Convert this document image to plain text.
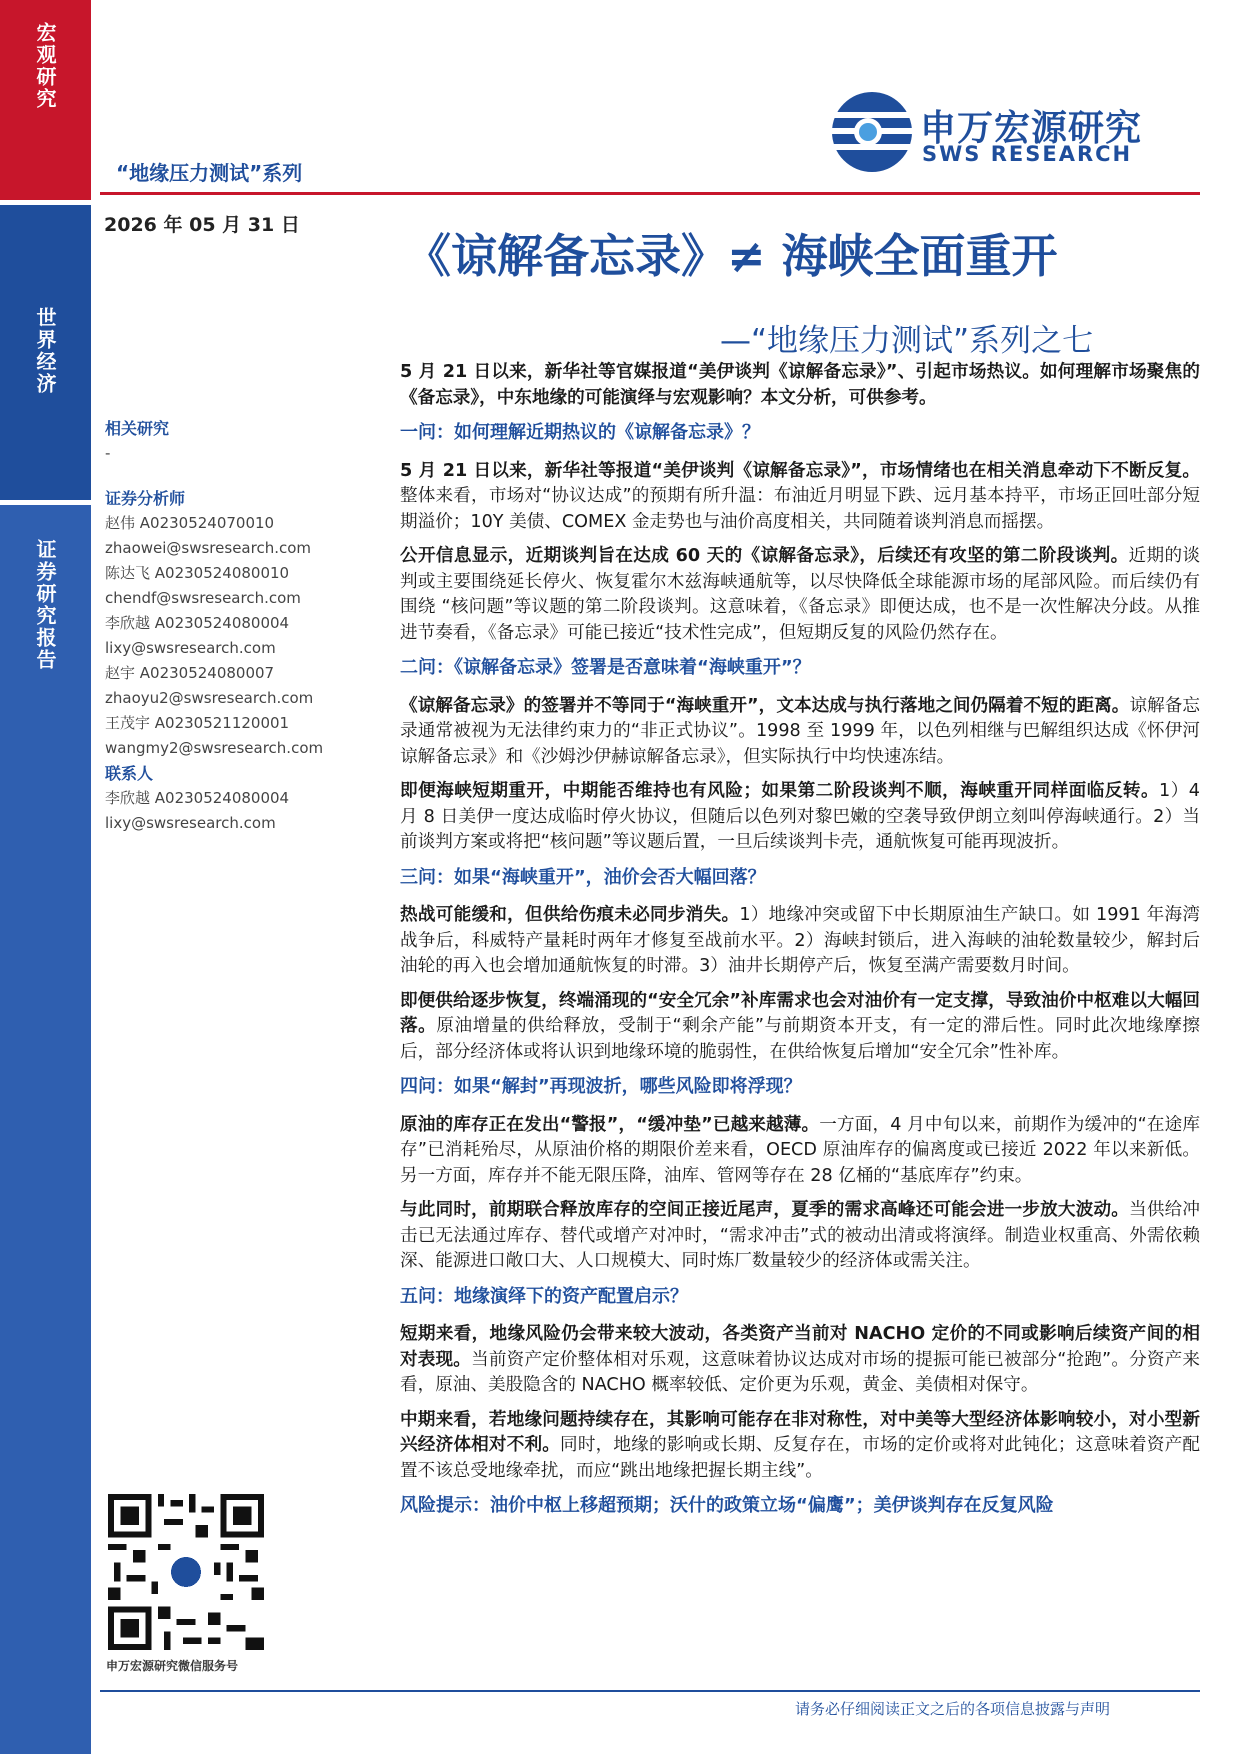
宏观研究
世界经济
证券研究报告
“地缘压力测试”系列
2026 年 05 月 31 日
申万宏源研究
SWS RESEARCH
《谅解备忘录》≠ 海峡全面重开
—“地缘压力测试”系列之七
相关研究
-
证券分析师
赵伟 A0230524070010
zhaowei@swsresearch.com
陈达飞 A0230524080010
chendf@swsresearch.com
李欣越 A0230524080004
lixy@swsresearch.com
赵宇 A0230524080007
zhaoyu2@swsresearch.com
王茂宇 A0230521120001
wangmy2@swsresearch.com
联系人
李欣越 A0230524080004
lixy@swsresearch.com
申万宏源研究微信服务号

5 月 21 日以来，新华社等官媒报道“美伊谈判《谅解备忘录》”、引起市场热议。如何理解市场聚焦的《备忘录》，中东地缘的可能演绎与宏观影响？本文分析，可供参考。

一问：如何理解近期热议的《谅解备忘录》？

5 月 21 日以来，新华社等报道“美伊谈判《谅解备忘录》”，市场情绪也在相关消息牵动下不断反复。整体来看，市场对“协议达成”的预期有所升温：布油近月明显下跌、远月基本持平，市场正回吐部分短期溢价；10Y 美债、COMEX 金走势也与油价高度相关，共同随着谈判消息而摇摆。

公开信息显示，近期谈判旨在达成 60 天的《谅解备忘录》，后续还有攻坚的第二阶段谈判。近期的谈判或主要围绕延长停火、恢复霍尔木兹海峡通航等，以尽快降低全球能源市场的尾部风险。而后续仍有围绕 “核问题”等议题的第二阶段谈判。这意味着，《备忘录》即便达成，也不是一次性解决分歧。从推进节奏看，《备忘录》可能已接近“技术性完成”，但短期反复的风险仍然存在。

二问：《谅解备忘录》签署是否意味着“海峡重开”？

《谅解备忘录》的签署并不等同于“海峡重开”，文本达成与执行落地之间仍隔着不短的距离。谅解备忘录通常被视为无法律约束力的“非正式协议”。1998 至 1999 年，以色列相继与巴解组织达成《怀伊河谅解备忘录》和《沙姆沙伊赫谅解备忘录》，但实际执行中均快速冻结。

即便海峡短期重开，中期能否维持也有风险；如果第二阶段谈判不顺，海峡重开同样面临反转。1）4 月 8 日美伊一度达成临时停火协议，但随后以色列对黎巴嫩的空袭导致伊朗立刻叫停海峡通行。2）当前谈判方案或将把“核问题”等议题后置，一旦后续谈判卡壳，通航恢复可能再现波折。

三问：如果“海峡重开”，油价会否大幅回落？

热战可能缓和，但供给伤痕未必同步消失。1）地缘冲突或留下中长期原油生产缺口。如 1991 年海湾战争后，科威特产量耗时两年才修复至战前水平。2）海峡封锁后，进入海峡的油轮数量较少，解封后油轮的再入也会增加通航恢复的时滞。3）油井长期停产后，恢复至满产需要数月时间。

即便供给逐步恢复，终端涌现的“安全冗余”补库需求也会对油价有一定支撑，导致油价中枢难以大幅回落。原油增量的供给释放，受制于“剩余产能”与前期资本开支，有一定的滞后性。同时此次地缘摩擦后，部分经济体或将认识到地缘环境的脆弱性，在供给恢复后增加“安全冗余”性补库。

四问：如果“解封”再现波折，哪些风险即将浮现？

原油的库存正在发出“警报”，“缓冲垫”已越来越薄。一方面，4 月中旬以来，前期作为缓冲的“在途库存”已消耗殆尽，从原油价格的期限价差来看，OECD 原油库存的偏离度或已接近 2022 年以来新低。另一方面，库存并不能无限压降，油库、管网等存在 28 亿桶的“基底库存”约束。

与此同时，前期联合释放库存的空间正接近尾声，夏季的需求高峰还可能会进一步放大波动。当供给冲击已无法通过库存、替代或增产对冲时，“需求冲击”式的被动出清或将演绎。制造业权重高、外需依赖深、能源进口敞口大、人口规模大、同时炼厂数量较少的经济体或需关注。

五问：地缘演绎下的资产配置启示？

短期来看，地缘风险仍会带来较大波动，各类资产当前对 NACHO 定价的不同或影响后续资产间的相对表现。当前资产定价整体相对乐观，这意味着协议达成对市场的提振可能已被部分“抢跑”。分资产来看，原油、美股隐含的 NACHO 概率较低、定价更为乐观，黄金、美债相对保守。

中期来看，若地缘问题持续存在，其影响可能存在非对称性，对中美等大型经济体影响较小，对小型新兴经济体相对不利。同时，地缘的影响或长期、反复存在，市场的定价或将对此钝化；这意味着资产配置不该总受地缘牵扰，而应“跳出地缘把握长期主线”。

风险提示：油价中枢上移超预期；沃什的政策立场“偏鹰”；美伊谈判存在反复风险

请务必仔细阅读正文之后的各项信息披露与声明
